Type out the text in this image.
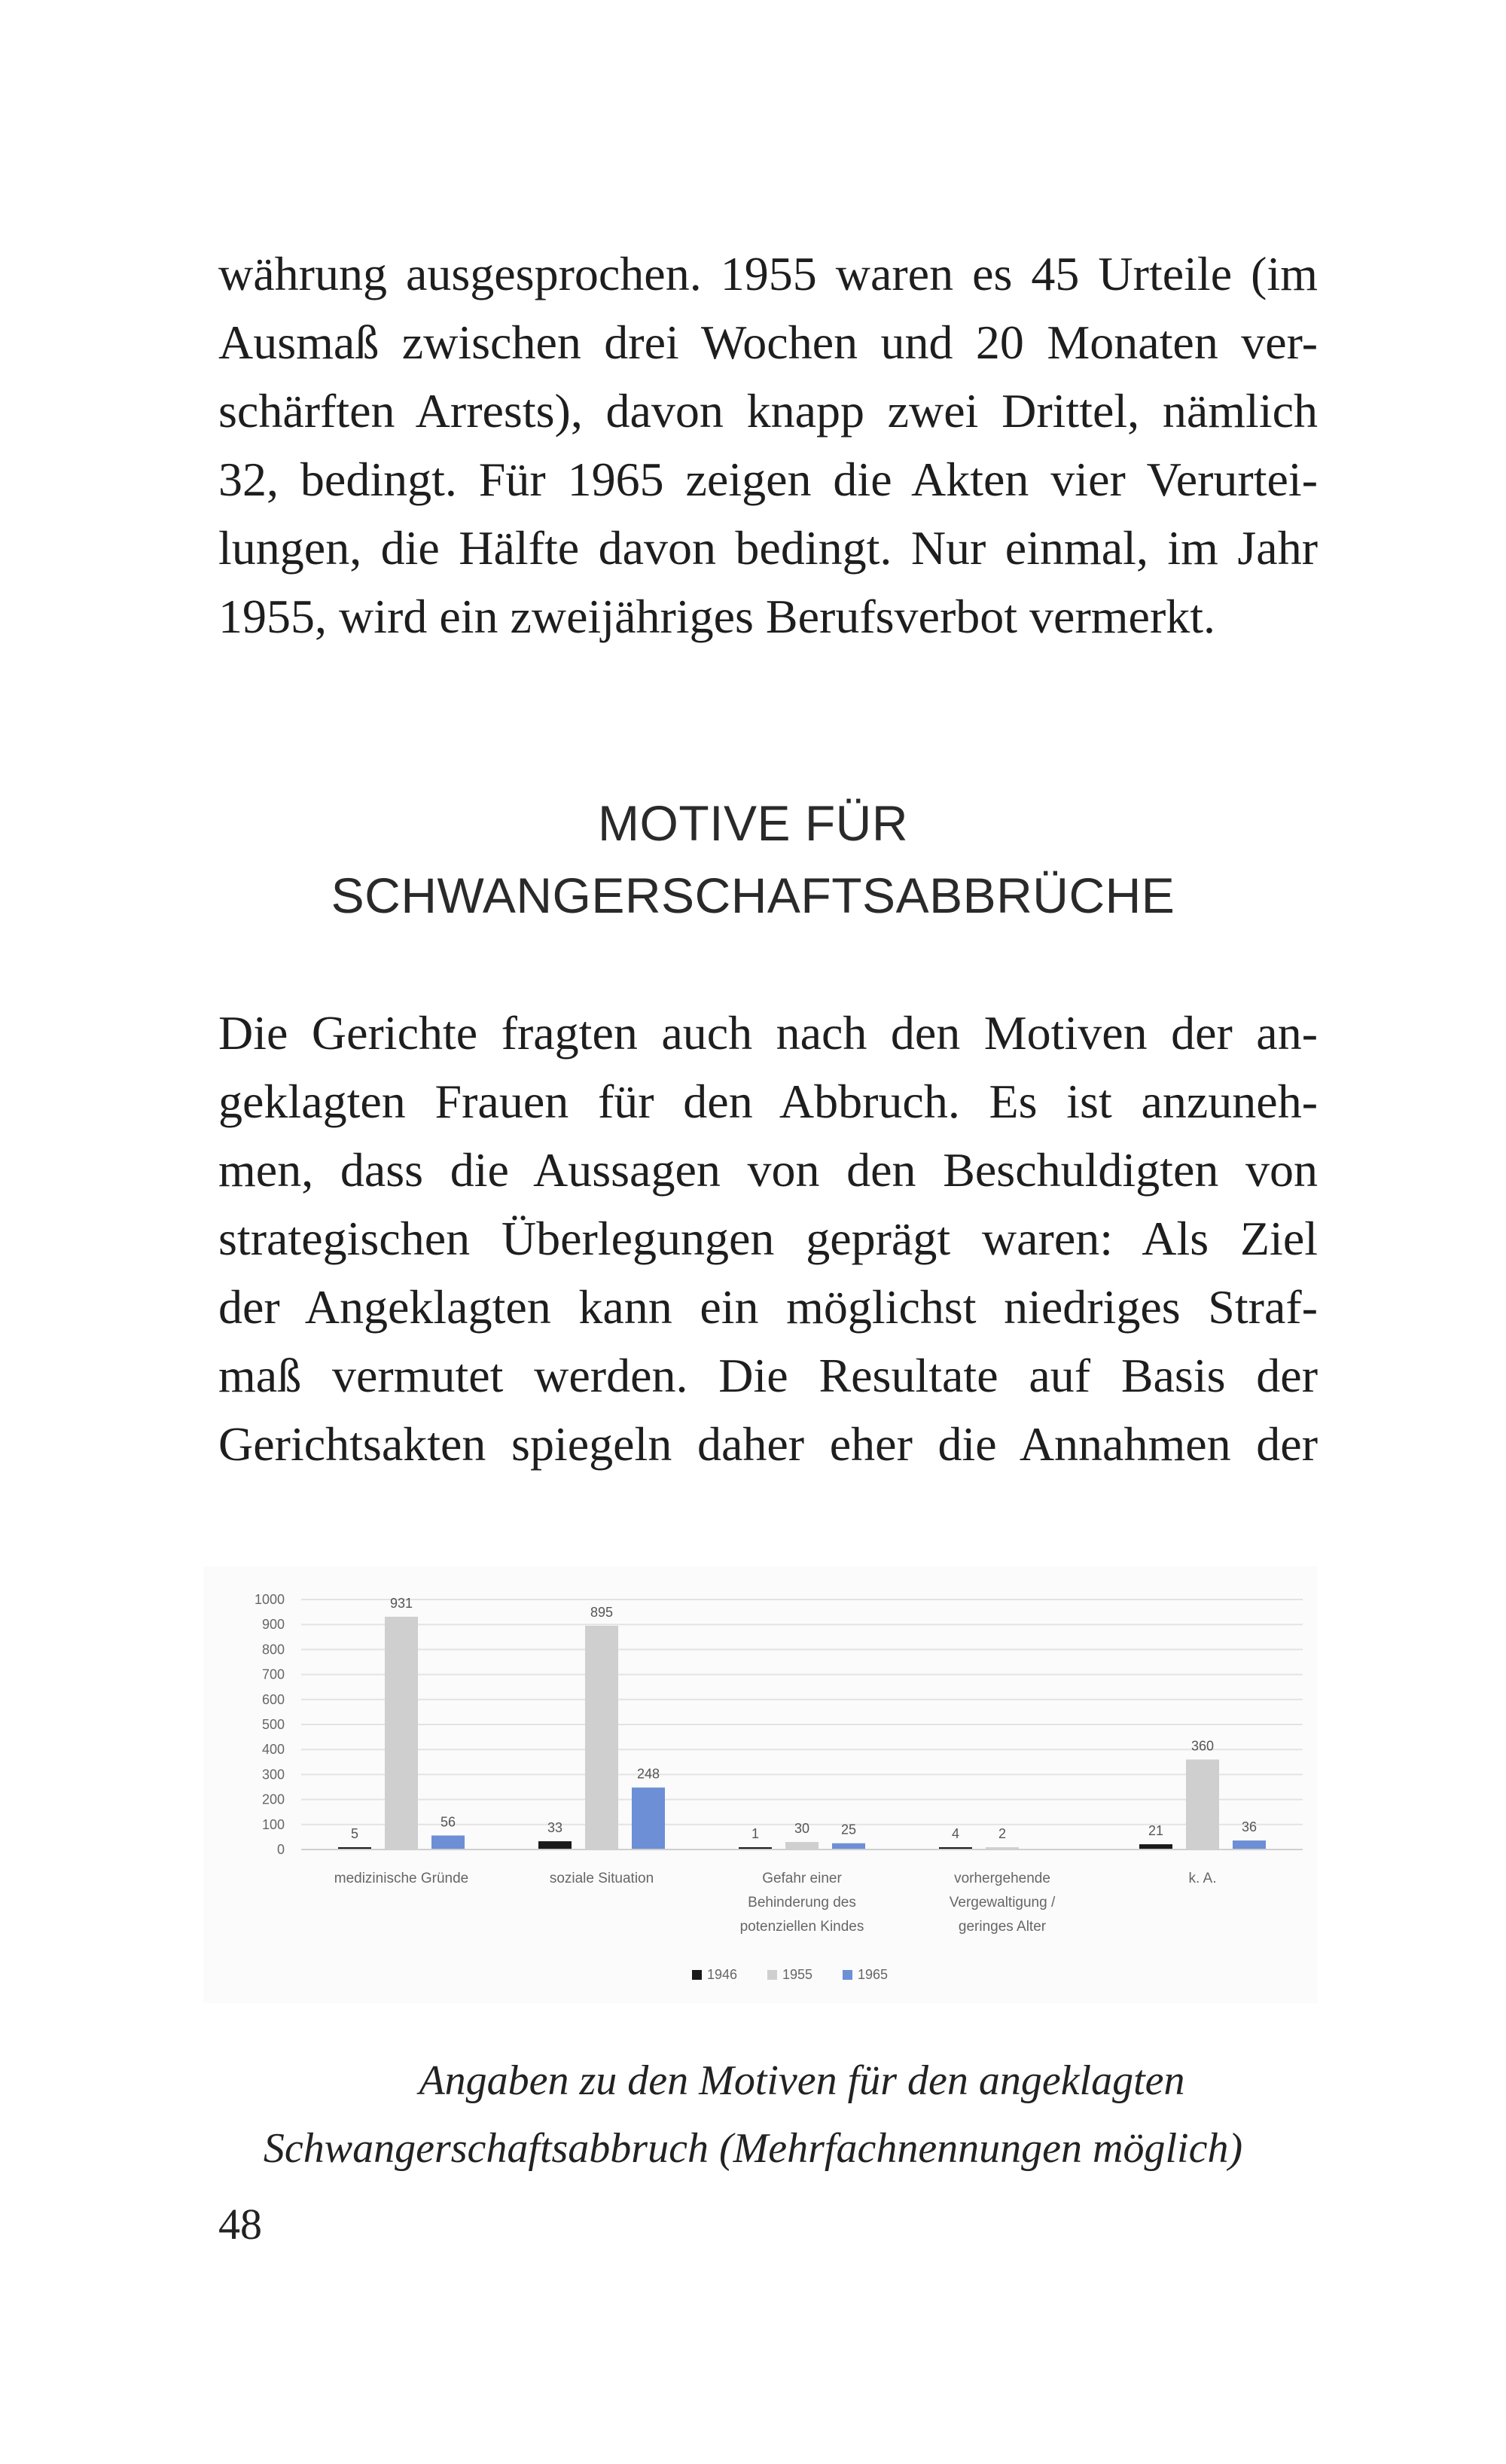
währung ausgesprochen. 1955 waren es 45 Urteile (im
Ausmaß zwischen drei Wochen und 20 Monaten ver-
schärften Arrests), davon knapp zwei Drittel, nämlich
32, bedingt. Für 1965 zeigen die Akten vier Verurtei-
lungen, die Hälfte davon bedingt. Nur einmal, im Jahr
1955, wird ein zweijähriges Berufsverbot vermerkt.
MOTIVE FÜR
SCHWANGERSCHAFTSABBRÜCHE
Die Gerichte fragten auch nach den Motiven der an-
geklagten Frauen für den Abbruch. Es ist anzuneh-
men, dass die Aussagen von den Beschuldigten von
strategischen Überlegungen geprägt waren: Als Ziel
der Angeklagten kann ein möglichst niedriges Straf-
maß vermutet werden. Die Resultate auf Basis der
Gerichtsakten spiegeln daher eher die Annahmen der
0
100
200
300
400
500
600
700
800
900
1000
5
931
56
medizinische Gründe
33
895
248
soziale Situation
1	30 25
Gefahr einer
Behinderung des
potenziellen Kindes
4	2
vorhergehende
Vergewaltigung /
geringes Alter
21
360
36
k. A.
1946	1955	1965
Angaben zu den Motiven für den angeklagten
Schwangerschaftsabbruch (Mehrfachnennungen möglich)
48
